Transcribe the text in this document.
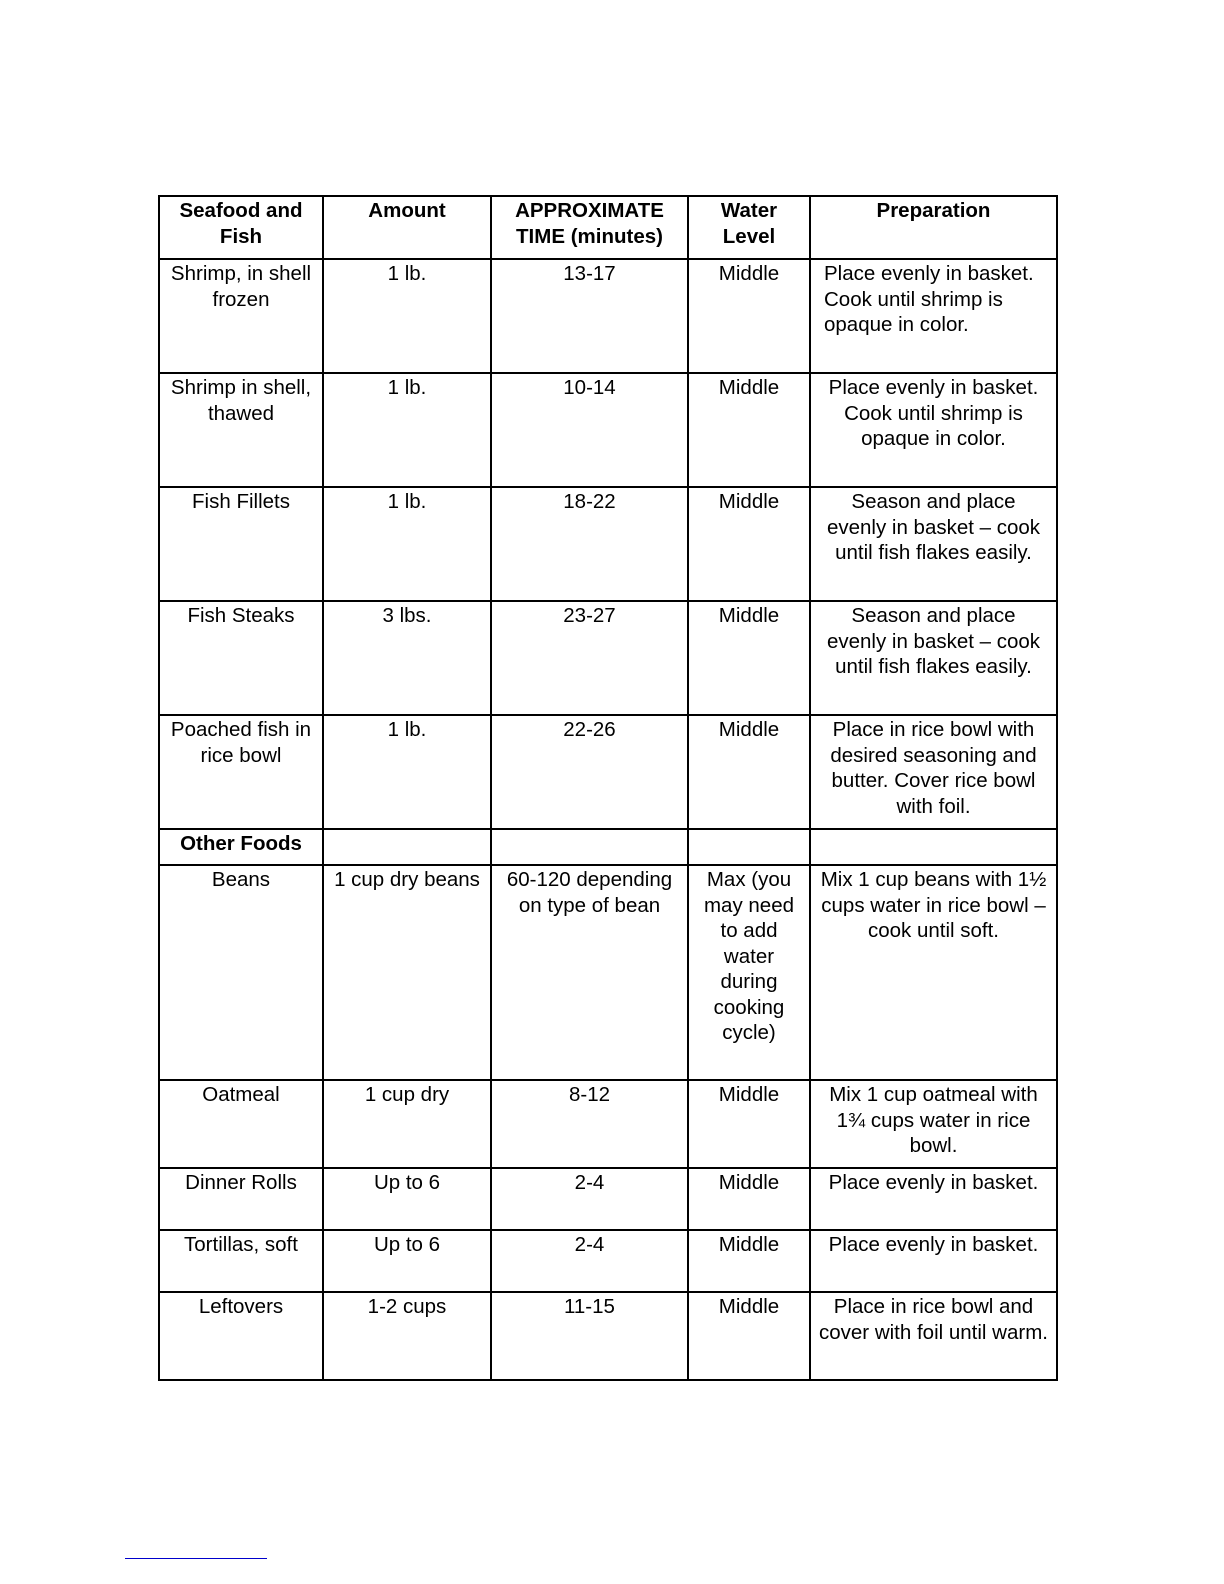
Seafood and Fish	Amount	APPROXIMATE TIME (minutes)	Water Level	Preparation
Shrimp, in shell frozen	1 lb.	13-17	Middle	Place evenly in basket. Cook until shrimp is opaque in color.
Shrimp in shell, thawed	1 lb.	10-14	Middle	Place evenly in basket. Cook until shrimp is opaque in color.
Fish Fillets	1 lb.	18-22	Middle	Season and place evenly in basket – cook until fish flakes easily.
Fish Steaks	3 lbs.	23-27	Middle	Season and place evenly in basket – cook until fish flakes easily.
Poached fish in rice bowl	1 lb.	22-26	Middle	Place in rice bowl with desired seasoning and butter. Cover rice bowl with foil.
Other Foods				
Beans	1 cup dry beans	60-120 depending on type of bean	Max (you may need to add water during cooking cycle)	Mix 1 cup beans with 1½ cups water in rice bowl – cook until soft.
Oatmeal	1 cup dry	8-12	Middle	Mix 1 cup oatmeal with 1¾ cups water in rice bowl.
Dinner Rolls	Up to 6	2-4	Middle	Place evenly in basket.
Tortillas, soft	Up to 6	2-4	Middle	Place evenly in basket.
Leftovers	1-2 cups	11-15	Middle	Place in rice bowl and cover with foil until warm.
